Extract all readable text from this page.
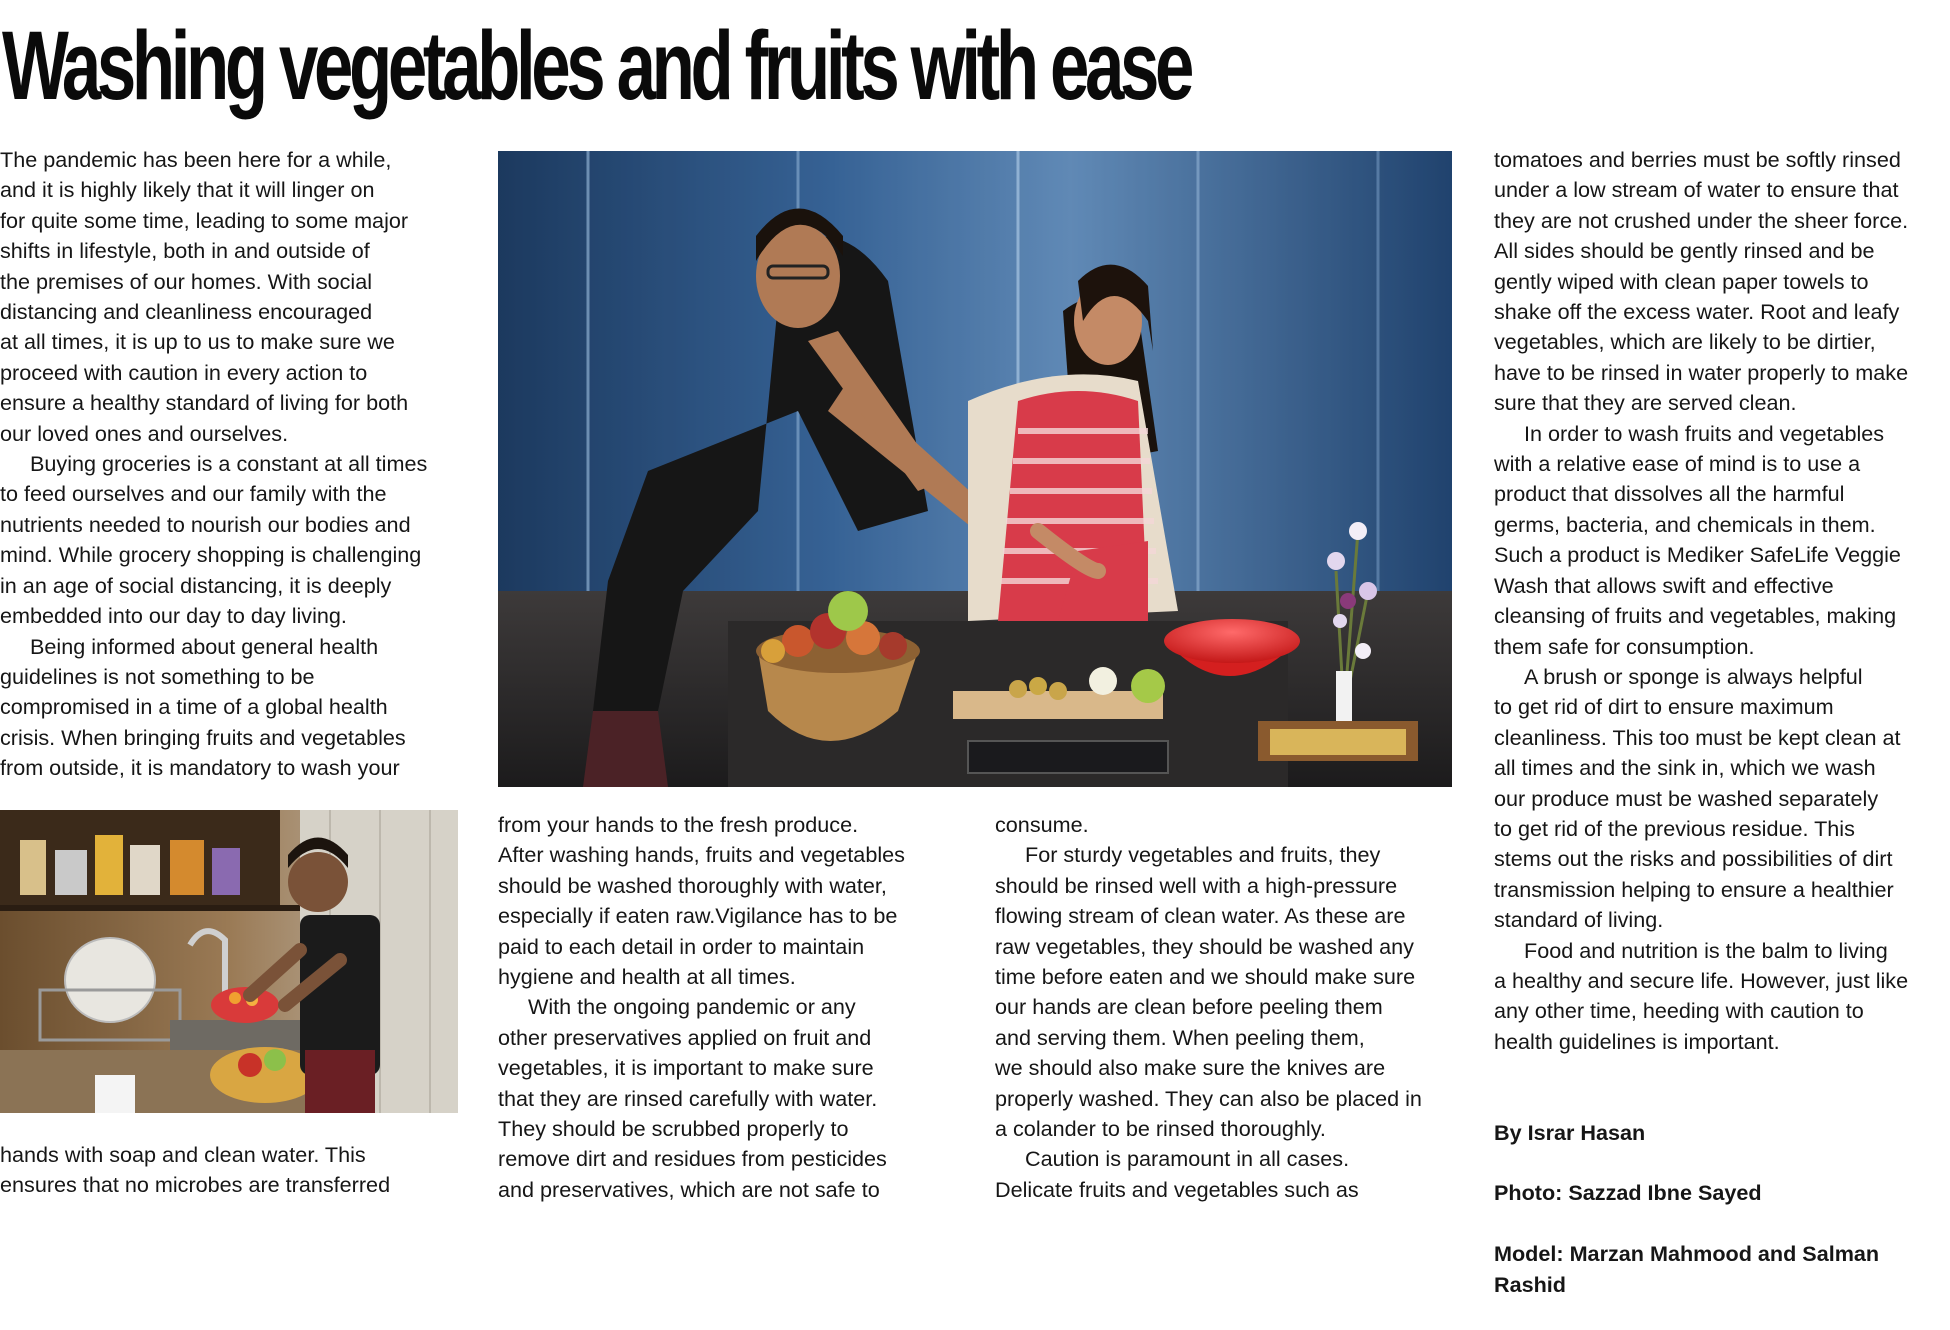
Washing vegetables and fruits with ease

The pandemic has been here for a while,
and it is highly likely that it will linger on
for quite some time, leading to some major
shifts in lifestyle, both in and outside of
the premises of our homes. With social
distancing and cleanliness encouraged
at all times, it is up to us to make sure we
proceed with caution in every action to
ensure a healthy standard of living for both
our loved ones and ourselves.

Buying groceries is a constant at all times
to feed ourselves and our family with the
nutrients needed to nourish our bodies and
mind. While grocery shopping is challenging
in an age of social distancing, it is deeply
embedded into our day to day living.

Being informed about general health
guidelines is not something to be
compromised in a time of a global health
crisis. When bringing fruits and vegetables
from outside, it is mandatory to wash your

hands with soap and clean water. This
ensures that no microbes are transferred

from your hands to the fresh produce.
After washing hands, fruits and vegetables
should be washed thoroughly with water,
especially if eaten raw.Vigilance has to be
paid to each detail in order to maintain
hygiene and health at all times.

With the ongoing pandemic or any
other preservatives applied on fruit and
vegetables, it is important to make sure
that they are rinsed carefully with water.
They should be scrubbed properly to
remove dirt and residues from pesticides
and preservatives, which are not safe to

consume.

For sturdy vegetables and fruits, they
should be rinsed well with a high-pressure
flowing stream of clean water. As these are
raw vegetables, they should be washed any
time before eaten and we should make sure
our hands are clean before peeling them
and serving them. When peeling them,
we should also make sure the knives are
properly washed. They can also be placed in
a colander to be rinsed thoroughly.

Caution is paramount in all cases.
Delicate fruits and vegetables such as

tomatoes and berries must be softly rinsed
under a low stream of water to ensure that
they are not crushed under the sheer force.
All sides should be gently rinsed and be
gently wiped with clean paper towels to
shake off the excess water. Root and leafy
vegetables, which are likely to be dirtier,
have to be rinsed in water properly to make
sure that they are served clean.

In order to wash fruits and vegetables
with a relative ease of mind is to use a
product that dissolves all the harmful
germs, bacteria, and chemicals in them.
Such a product is Mediker SafeLife Veggie
Wash that allows swift and effective
cleansing of fruits and vegetables, making
them safe for consumption.

A brush or sponge is always helpful
to get rid of dirt to ensure maximum
cleanliness. This too must be kept clean at
all times and the sink in, which we wash
our produce must be washed separately
to get rid of the previous residue. This
stems out the risks and possibilities of dirt
transmission helping to ensure a healthier
standard of living.

Food and nutrition is the balm to living
a healthy and secure life. However, just like
any other time, heeding with caution to
health guidelines is important.

By Israr Hasan

Photo: Sazzad Ibne Sayed

Model: Marzan Mahmood and Salman
Rashid
